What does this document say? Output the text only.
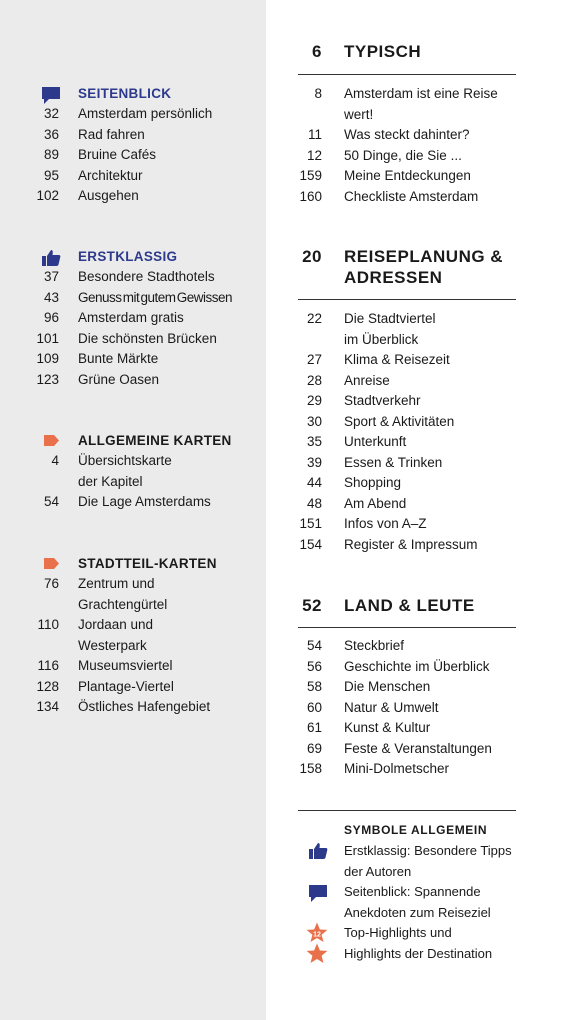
SEITENBLICK
32 Amsterdam persönlich
36 Rad fahren
89 Bruine Cafés
95 Architektur
102 Ausgehen
ERSTKLASSIG
37 Besondere Stadthotels
43 Genuss mit gutem Gewissen
96 Amsterdam gratis
101 Die schönsten Brücken
109 Bunte Märkte
123 Grüne Oasen
ALLGEMEINE KARTEN
4 Übersichtskarte
der Kapitel
54 Die Lage Amsterdams
STADTTEIL-KARTEN
76 Zentrum und
Grachtengürtel
110 Jordaan und
Westerpark
116 Museumsviertel
128 Plantage-Viertel
134 Östliches Hafengebiet
6 TYPISCH
8 Amsterdam ist eine Reise
wert!
11 Was steckt dahinter?
12 50 Dinge, die Sie ...
159 Meine Entdeckungen
160 Checkliste Amsterdam
20 REISEPLANUNG &
ADRESSEN
22 Die Stadtviertel
im Überblick
27 Klima & Reisezeit
28 Anreise
29 Stadtverkehr
30 Sport & Aktivitäten
35 Unterkunft
39 Essen & Trinken
44 Shopping
48 Am Abend
151 Infos von A–Z
154 Register & Impressum
52 LAND & LEUTE
54 Steckbrief
56 Geschichte im Überblick
58 Die Menschen
60 Natur & Umwelt
61 Kunst & Kultur
69 Feste & Veranstaltungen
158 Mini-Dolmetscher
SYMBOLE ALLGEMEIN
Erstklassig: Besondere Tipps
der Autoren
Seitenblick: Spannende
Anekdoten zum Reiseziel
12 Top-Highlights und
Highlights der Destination
